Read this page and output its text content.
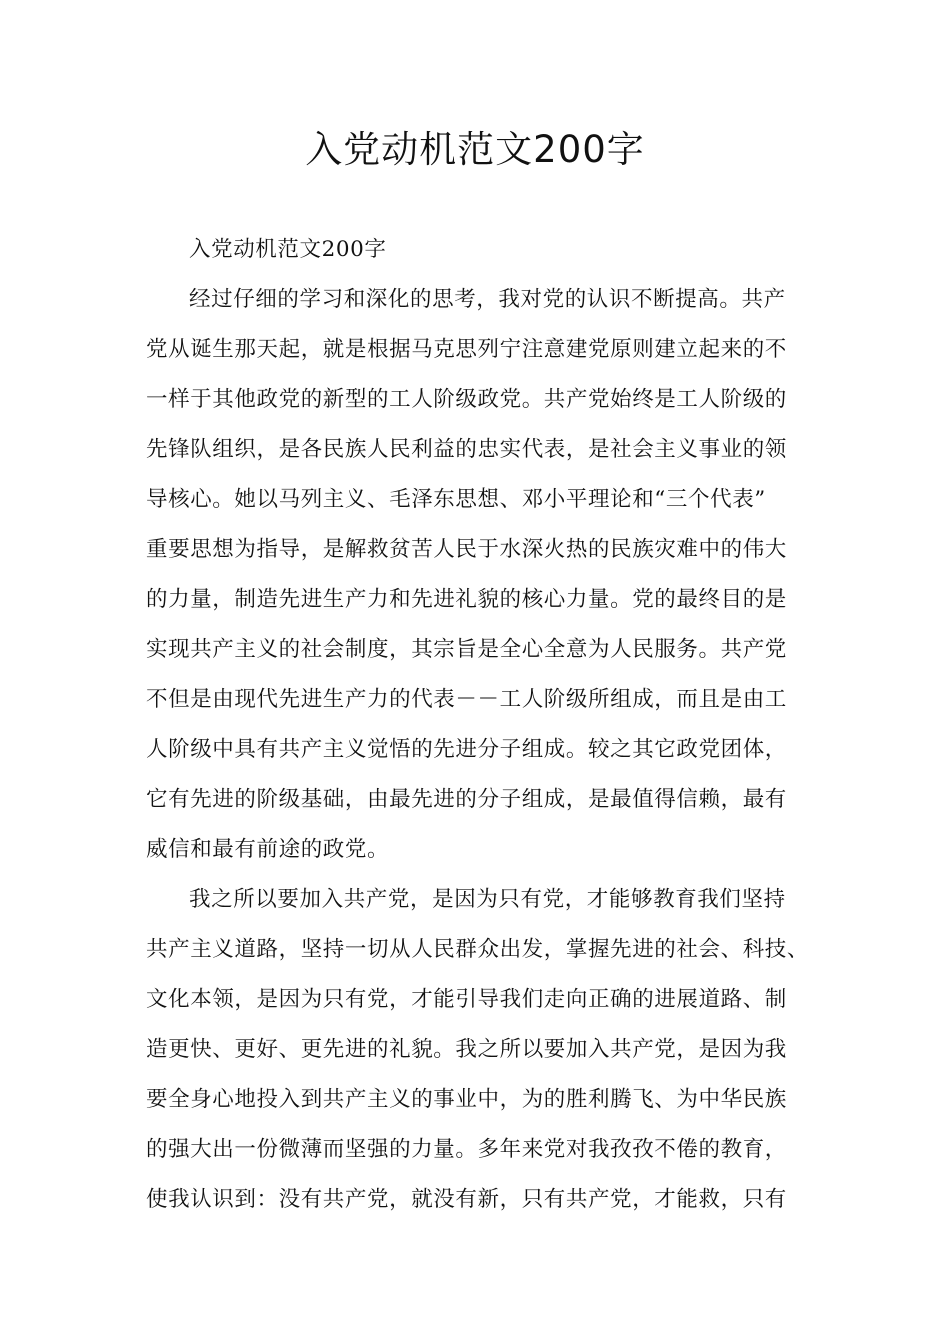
入党动机范文200字
入党动机范文200字
经过仔细的学习和深化的思考，我对党的认识不断提高。共产
党从诞生那天起，就是根据马克思列宁注意建党原则建立起来的不
一样于其他政党的新型的工人阶级政党。共产党始终是工人阶级的
先锋队组织，是各民族人民利益的忠实代表，是社会主义事业的领
导核心。她以马列主义、毛泽东思想、邓小平理论和“三个代表”
重要思想为指导，是解救贫苦人民于水深火热的民族灾难中的伟大
的力量，制造先进生产力和先进礼貌的核心力量。党的最终目的是
实现共产主义的社会制度，其宗旨是全心全意为人民服务。共产党
不但是由现代先进生产力的代表－－工人阶级所组成，而且是由工
人阶级中具有共产主义觉悟的先进分子组成。较之其它政党团体，
它有先进的阶级基础，由最先进的分子组成，是最值得信赖，最有
威信和最有前途的政党。
我之所以要加入共产党，是因为只有党，才能够教育我们坚持
共产主义道路，坚持一切从人民群众出发，掌握先进的社会、科技、
文化本领，是因为只有党，才能引导我们走向正确的进展道路、制
造更快、更好、更先进的礼貌。我之所以要加入共产党，是因为我
要全身心地投入到共产主义的事业中，为的胜利腾飞、为中华民族
的强大出一份微薄而坚强的力量。多年来党对我孜孜不倦的教育，
使我认识到：没有共产党，就没有新，只有共产党，才能救，只有
